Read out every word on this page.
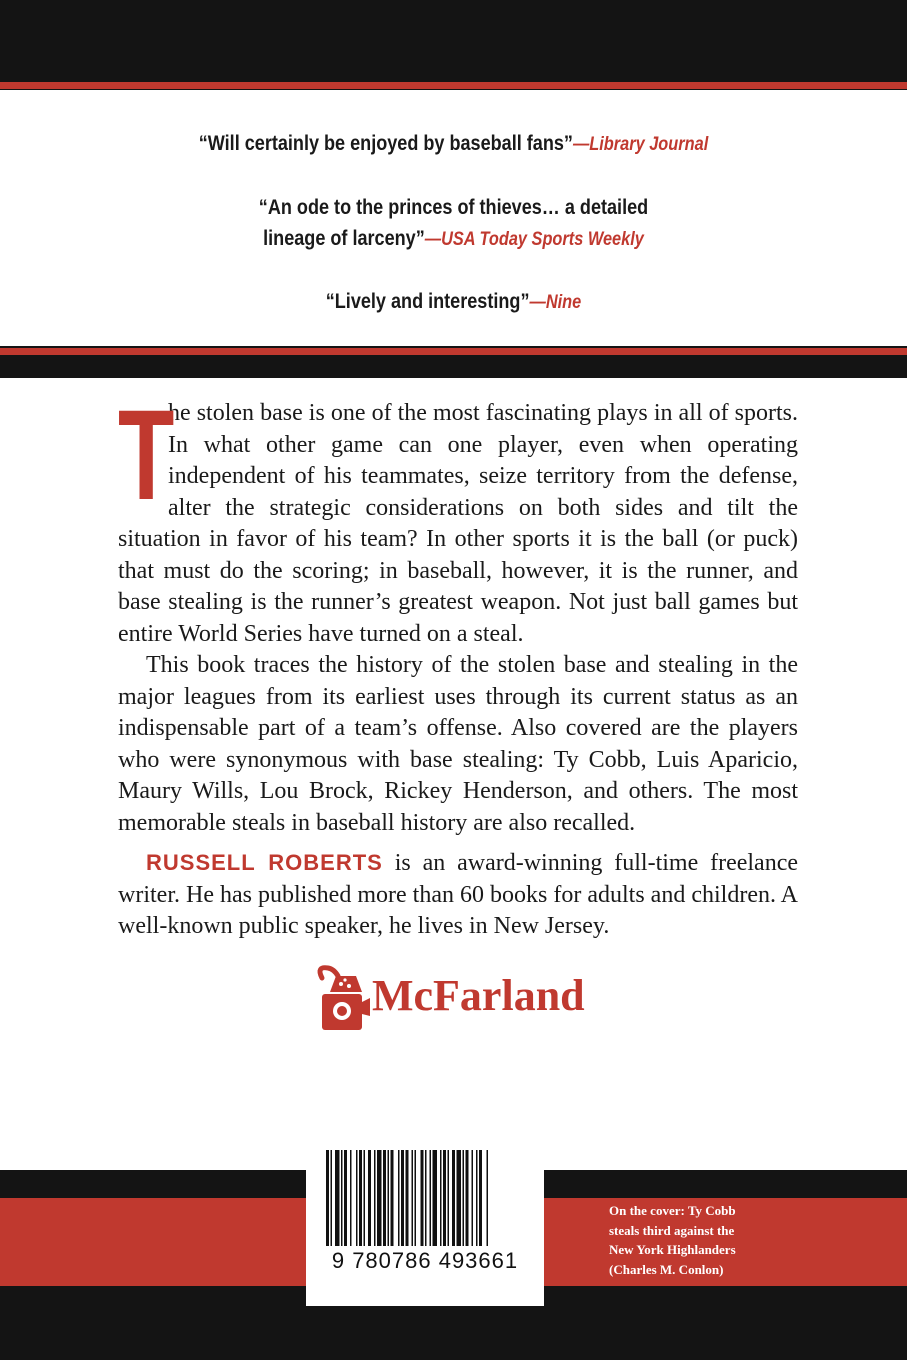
“Will certainly be enjoyed by baseball fans”—Library Journal
“An ode to the princes of thieves… a detailed
lineage of larceny”—USA Today Sports Weekly
“Lively and interesting”—Nine

T
he stolen base is one of the most fascinating plays in all of sports. In what other game can one player, even when operating independent of his teammates, seize territory from the defense, alter the strategic considerations on both sides and tilt the situation in favor of his team? In other sports it is the ball (or puck) that must do the scoring; in baseball, however, it is the runner, and base stealing is the runner’s greatest weapon. Not just ball games but entire World Series have turned on a steal.

This book traces the history of the stolen base and stealing in the major leagues from its earliest uses through its current status as an indispensable part of a team’s offense. Also covered are the players who were synonymous with base stealing: Ty Cobb, Luis Aparicio, Maury Wills, Lou Brock, Rickey Henderson, and others. The most memorable steals in baseball history are also recalled.

RUSSELL ROBERTS is an award-winning full-time freelance writer. He has published more than 60 books for adults and children. A well-known public speaker, he lives in New Jersey.

McFarland
9 780786 493661
On the cover: Ty Cobb
steals third against the
New York Highlanders
(Charles M. Conlon)
